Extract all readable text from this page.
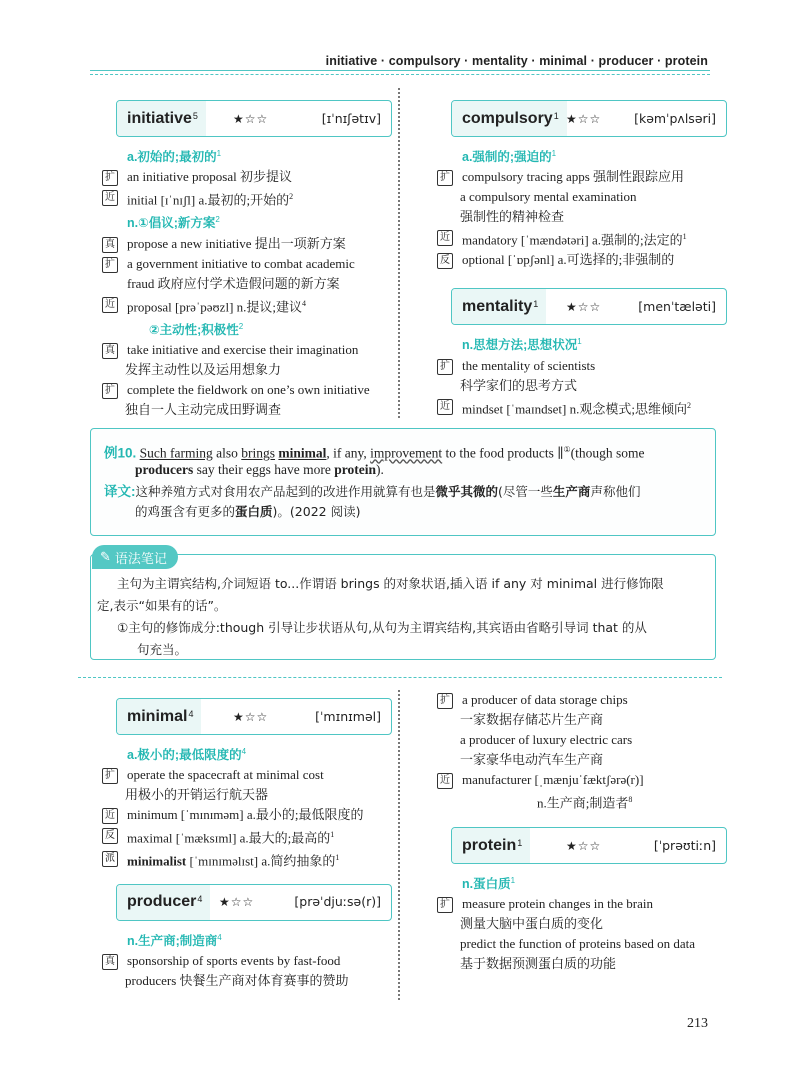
initiative · compulsory · mentality · minimal · producer · protein
initiative$^5$	★☆☆	[ɪˈnɪʃətɪv]
a.初始的;最初的$^1$
扩 an initiative proposal 初步提议
近 initial [ɪˈnɪʃl] a.最初的;开始的$^2$
n.①倡议;新方案$^2$
真 propose a new initiative 提出一项新方案
扩 a government initiative to combat academic
fraud 政府应付学术造假问题的新方案
近 proposal [prəˈpəʊzl] n.提议;建议$^4$
②主动性;积极性$^2$
真 take initiative and exercise their imagination
发挥主动性以及运用想象力
扩 complete the fieldwork on one’s own initiative
独自一人主动完成田野调查
compulsory$^1$ ★☆☆	[kəmˈpʌlsəri]
a.强制的;强迫的$^1$
扩 compulsory tracing apps 强制性跟踪应用
a compulsory mental examination
强制性的精神检查
近 mandatory [ˈmændətəri] a.强制的;法定的$^1$
反 optional [ˈɒpʃənl] a.可选择的;非强制的
mentality$^1$ ★☆☆	[menˈtæləti]
n.思想方法;思想状况$^1$
扩 the mentality of scientists
科学家们的思考方式
近 mindset [ˈmaɪndset] n.观念模式;思维倾向$^2$
例10. Such farming also brings minimal, if any, improvement to the food products ∥①(though some
producers say their eggs have more protein).
译文:这种养殖方式对食用农产品起到的改进作用就算有也是微乎其微的(尽管一些生产商声称他们
的鸡蛋含有更多的蛋白质)。(2022 阅读)
✎ 语法笔记
主句为主谓宾结构,介词短语 to...作谓语 brings 的对象状语,插入语 if any 对 minimal 进行修饰限
定,表示“如果有的话”。
①主句的修饰成分:though 引导让步状语从句,从句为主谓宾结构,其宾语由省略引导词 that 的从
句充当。
minimal$^4$	★☆☆	[ˈmɪnɪməl]
a.极小的;最低限度的$^4$
扩 operate the spacecraft at minimal cost
用极小的开销运行航天器
近 minimum [ˈmɪnɪməm] a.最小的;最低限度的
反 maximal [ˈmæksɪml] a.最大的;最高的$^1$
派 minimalist [ˈmɪnɪməlɪst] a.简约抽象的$^1$
producer$^4$ ★☆☆	[prəˈdjuːsə(r)]
n.生产商;制造商$^4$
真 sponsorship of sports events by fast-food
producers 快餐生产商对体育赛事的赞助
扩 a producer of data storage chips
一家数据存储芯片生产商
a producer of luxury electric cars
一家豪华电动汽车生产商
近 manufacturer [ˌmænjuˈfæktʃərə(r)]
n.生产商;制造者$^8$
protein$^1$	★☆☆	[ˈprəʊtiːn]
n.蛋白质$^1$
扩 measure protein changes in the brain
测量大脑中蛋白质的变化
predict the function of proteins based on data
基于数据预测蛋白质的功能
213
